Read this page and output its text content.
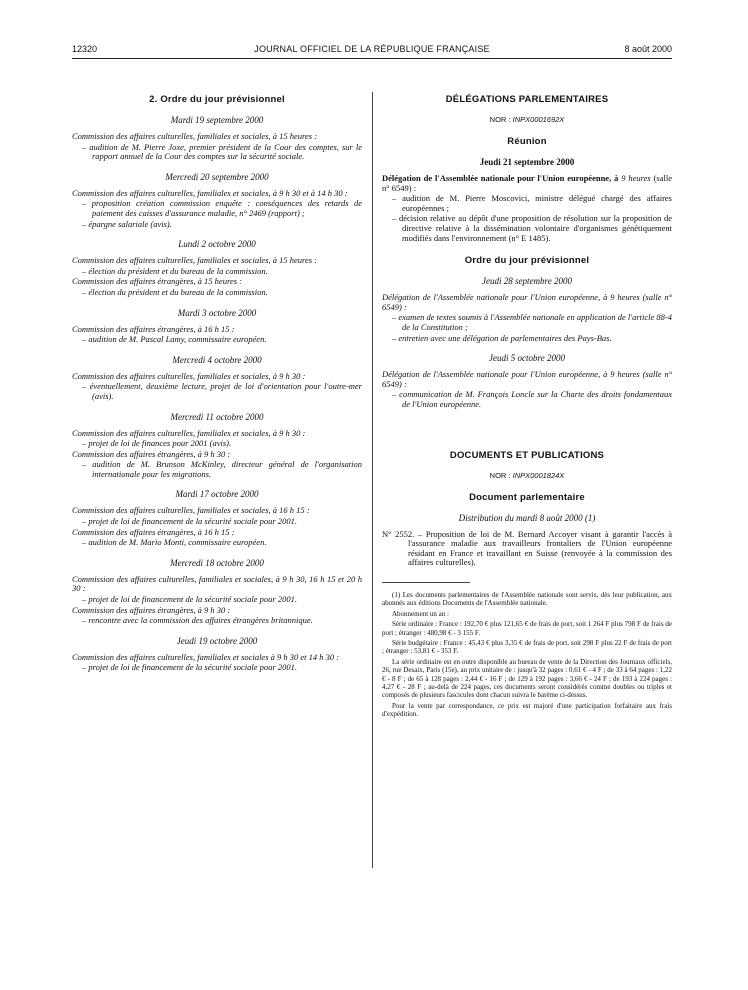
12320	JOURNAL OFFICIEL DE LA RÉPUBLIQUE FRANÇAISE	8 août 2000
2. Ordre du jour prévisionnel
Mardi 19 septembre 2000

Commission des affaires culturelles, familiales et sociales, à 15 heures :

– audition de M. Pierre Joxe, premier président de la Cour des comptes, sur le rapport annuel de la Cour des comptes sur la sécurité sociale.

Mercredi 20 septembre 2000

Commission des affaires culturelles, familiales et sociales, à 9 h 30 et à 14 h 30 :

– proposition création commission enquête : conséquences des retards de paiement des caisses d'assurance maladie, n° 2469 (rapport) ;

– épargne salariale (avis).

Lundi 2 octobre 2000

Commission des affaires culturelles, familiales et sociales, à 15 heures :

– élection du président et du bureau de la commission.

Commission des affaires étrangères, à 15 heures :

– élection du président et du bureau de la commission.

Mardi 3 octobre 2000

Commission des affaires étrangères, à 16 h 15 :

– audition de M. Pascal Lamy, commissaire européen.

Mercredi 4 octobre 2000

Commission des affaires culturelles, familiales et sociales, à 9 h 30 :

– éventuellement, deuxième lecture, projet de loi d'orientation pour l'outre-mer (avis).

Mercredi 11 octobre 2000

Commission des affaires culturelles, familiales et sociales, à 9 h 30 :

– projet de loi de finances pour 2001 (avis).

Commission des affaires étrangères, à 9 h 30 :

– audition de M. Brunson McKinley, directeur général de l'organisation internationale pour les migrations.

Mardi 17 octobre 2000

Commission des affaires culturelles, familiales et sociales, à 16 h 15 :

– projet de loi de financement de la sécurité sociale pour 2001.

Commission des affaires étrangères, à 16 h 15 :

– audition de M. Mario Monti, commissaire européen.

Mercredi 18 octobre 2000

Commission des affaires culturelles, familiales et sociales, à 9 h 30, 16 h 15 et 20 h 30 :

– projet de loi de financement de la sécurité sociale pour 2001.

Commission des affaires étrangères, à 9 h 30 :

– rencontre avec la commission des affaires étrangères britannique.

Jeudi 19 octobre 2000

Commission des affaires culturelles, familiales et sociales à 9 h 30 et 14 h 30 :

– projet de loi de financement de la sécurité sociale pour 2001.

DÉLÉGATIONS PARLEMENTAIRES
NOR : INPX0001692X
Réunion
Jeudi 21 septembre 2000

Délégation de l'Assemblée nationale pour l'Union européenne, à 9 heures (salle n° 6549) :

– audition de M. Pierre Moscovici, ministre délégué chargé des affaires européennes ;

– décision relative au dépôt d'une proposition de résolution sur la proposition de directive relative à la dissémination volontaire d'organismes génétiquement modifiés dans l'environnement (n° E 1485).

Ordre du jour prévisionnel
Jeudi 28 septembre 2000

Délégation de l'Assemblée nationale pour l'Union européenne, à 9 heures (salle n° 6549) :

– examen de textes soumis à l'Assemblée nationale en application de l'article 88-4 de la Constitution ;

– entretien avec une délégation de parlementaires des Pays-Bas.

Jeudi 5 octobre 2000

Délégation de l'Assemblée nationale pour l'Union européenne, à 9 heures (salle n° 6549) :

– communication de M. François Loncle sur la Charte des droits fondamentaux de l'Union européenne.

DOCUMENTS ET PUBLICATIONS
NOR : INPX0001824X
Document parlementaire
Distribution du mardi 8 août 2000 (1)

N° 2552. – Proposition de loi de M. Bernard Accoyer visant à garantir l'accès à l'assurance maladie aux travailleurs frontaliers de l'Union européenne résidant en France et travaillant en Suisse (renvoyée à la commission des affaires culturelles).

(1) Les documents parlementaires de l'Assemblée nationale sont servis, dès leur publication, aux abonnés aux éditions Documents de l'Assemblée nationale.

Abonnement un an :

Série ordinaire : France : 192,70 € plus 121,65 € de frais de port, soit 1 264 F plus 798 F de frais de port ; étranger : 480,98 € - 3 155 F.

Série budgétaire : France : 45,43 € plus 3,35 € de frais de port, soit 298 F plus 22 F de frais de port ; étranger : 53,81 € - 353 F.

La série ordinaire est en outre disponible au bureau de vente de la Direction des Journaux officiels, 26, rue Desaix, Paris (15e), au prix unitaire de : jusqu'à 32 pages : 0,61 € - 4 F ; de 33 à 64 pages : 1,22 € - 8 F ; de 65 à 128 pages : 2,44 € - 16 F ; de 129 à 192 pages : 3,66 € - 24 F ; de 193 à 224 pages : 4,27 € - 28 F ; au-delà de 224 pages, ces documents seront considérés comme doubles ou triples et composés de plusieurs fascicules dont chacun suivra le barème ci-dessus.

Pour la vente par correspondance, ce prix est majoré d'une participation forfaitaire aux frais d'expédition.
